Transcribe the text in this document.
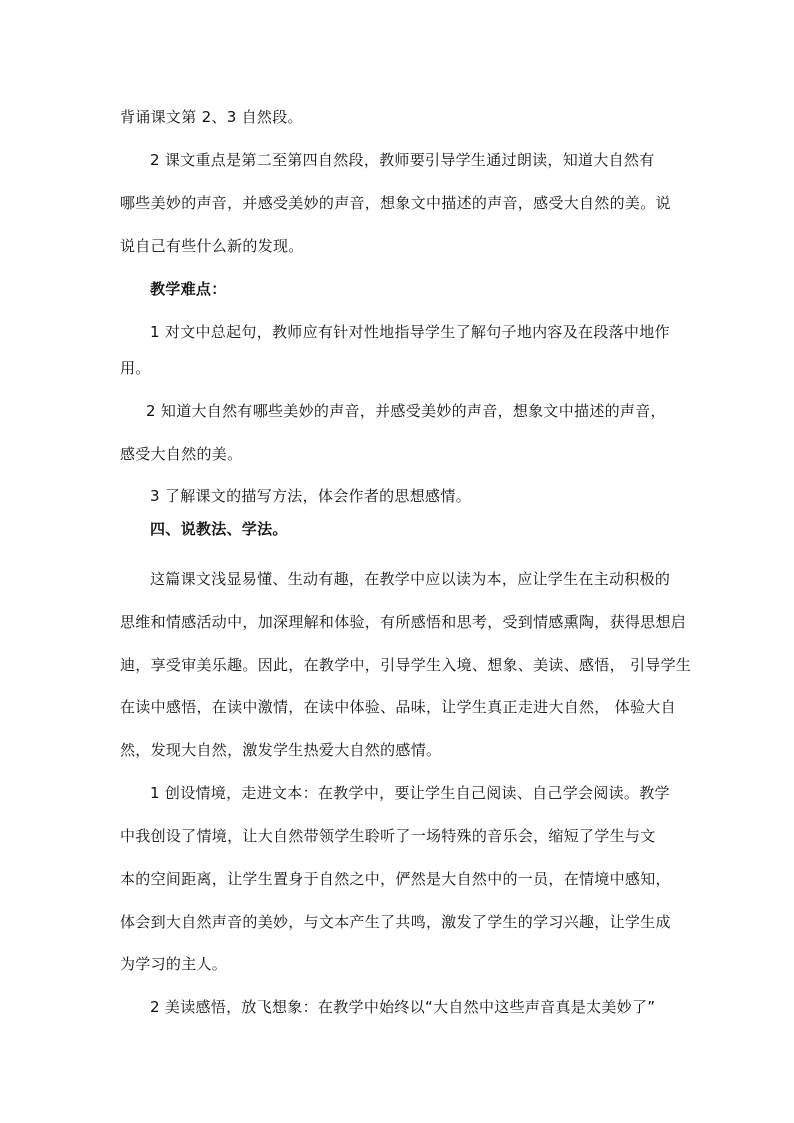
背诵课文第 2、3 自然段。
2 课文重点是第二至第四自然段，教师要引导学生通过朗读，知道大自然有
哪些美妙的声音，并感受美妙的声音，想象文中描述的声音，感受大自然的美。说
说自己有些什么新的发现。
教学难点：
1 对文中总起句，教师应有针对性地指导学生了解句子地内容及在段落中地作
用。
2 知道大自然有哪些美妙的声音，并感受美妙的声音，想象文中描述的声音，
感受大自然的美。
3 了解课文的描写方法，体会作者的思想感情。
四、说教法、学法。
这篇课文浅显易懂、生动有趣，在教学中应以读为本，应让学生在主动积极的
思维和情感活动中，加深理解和体验，有所感悟和思考，受到情感熏陶，获得思想启
迪，享受审美乐趣。因此，在教学中，引导学生入境、想象、美读、感悟， 引导学生
在读中感悟，在读中激情，在读中体验、品味，让学生真正走进大自然， 体验大自
然，发现大自然，激发学生热爱大自然的感情。
1 创设情境，走进文本：在教学中，要让学生自己阅读、自己学会阅读。教学
中我创设了情境，让大自然带领学生聆听了一场特殊的音乐会，缩短了学生与文
本的空间距离，让学生置身于自然之中，俨然是大自然中的一员，在情境中感知，
体会到大自然声音的美妙，与文本产生了共鸣，激发了学生的学习兴趣，让学生成
为学习的主人。
2 美读感悟，放飞想象：在教学中始终以“大自然中这些声音真是太美妙了”
